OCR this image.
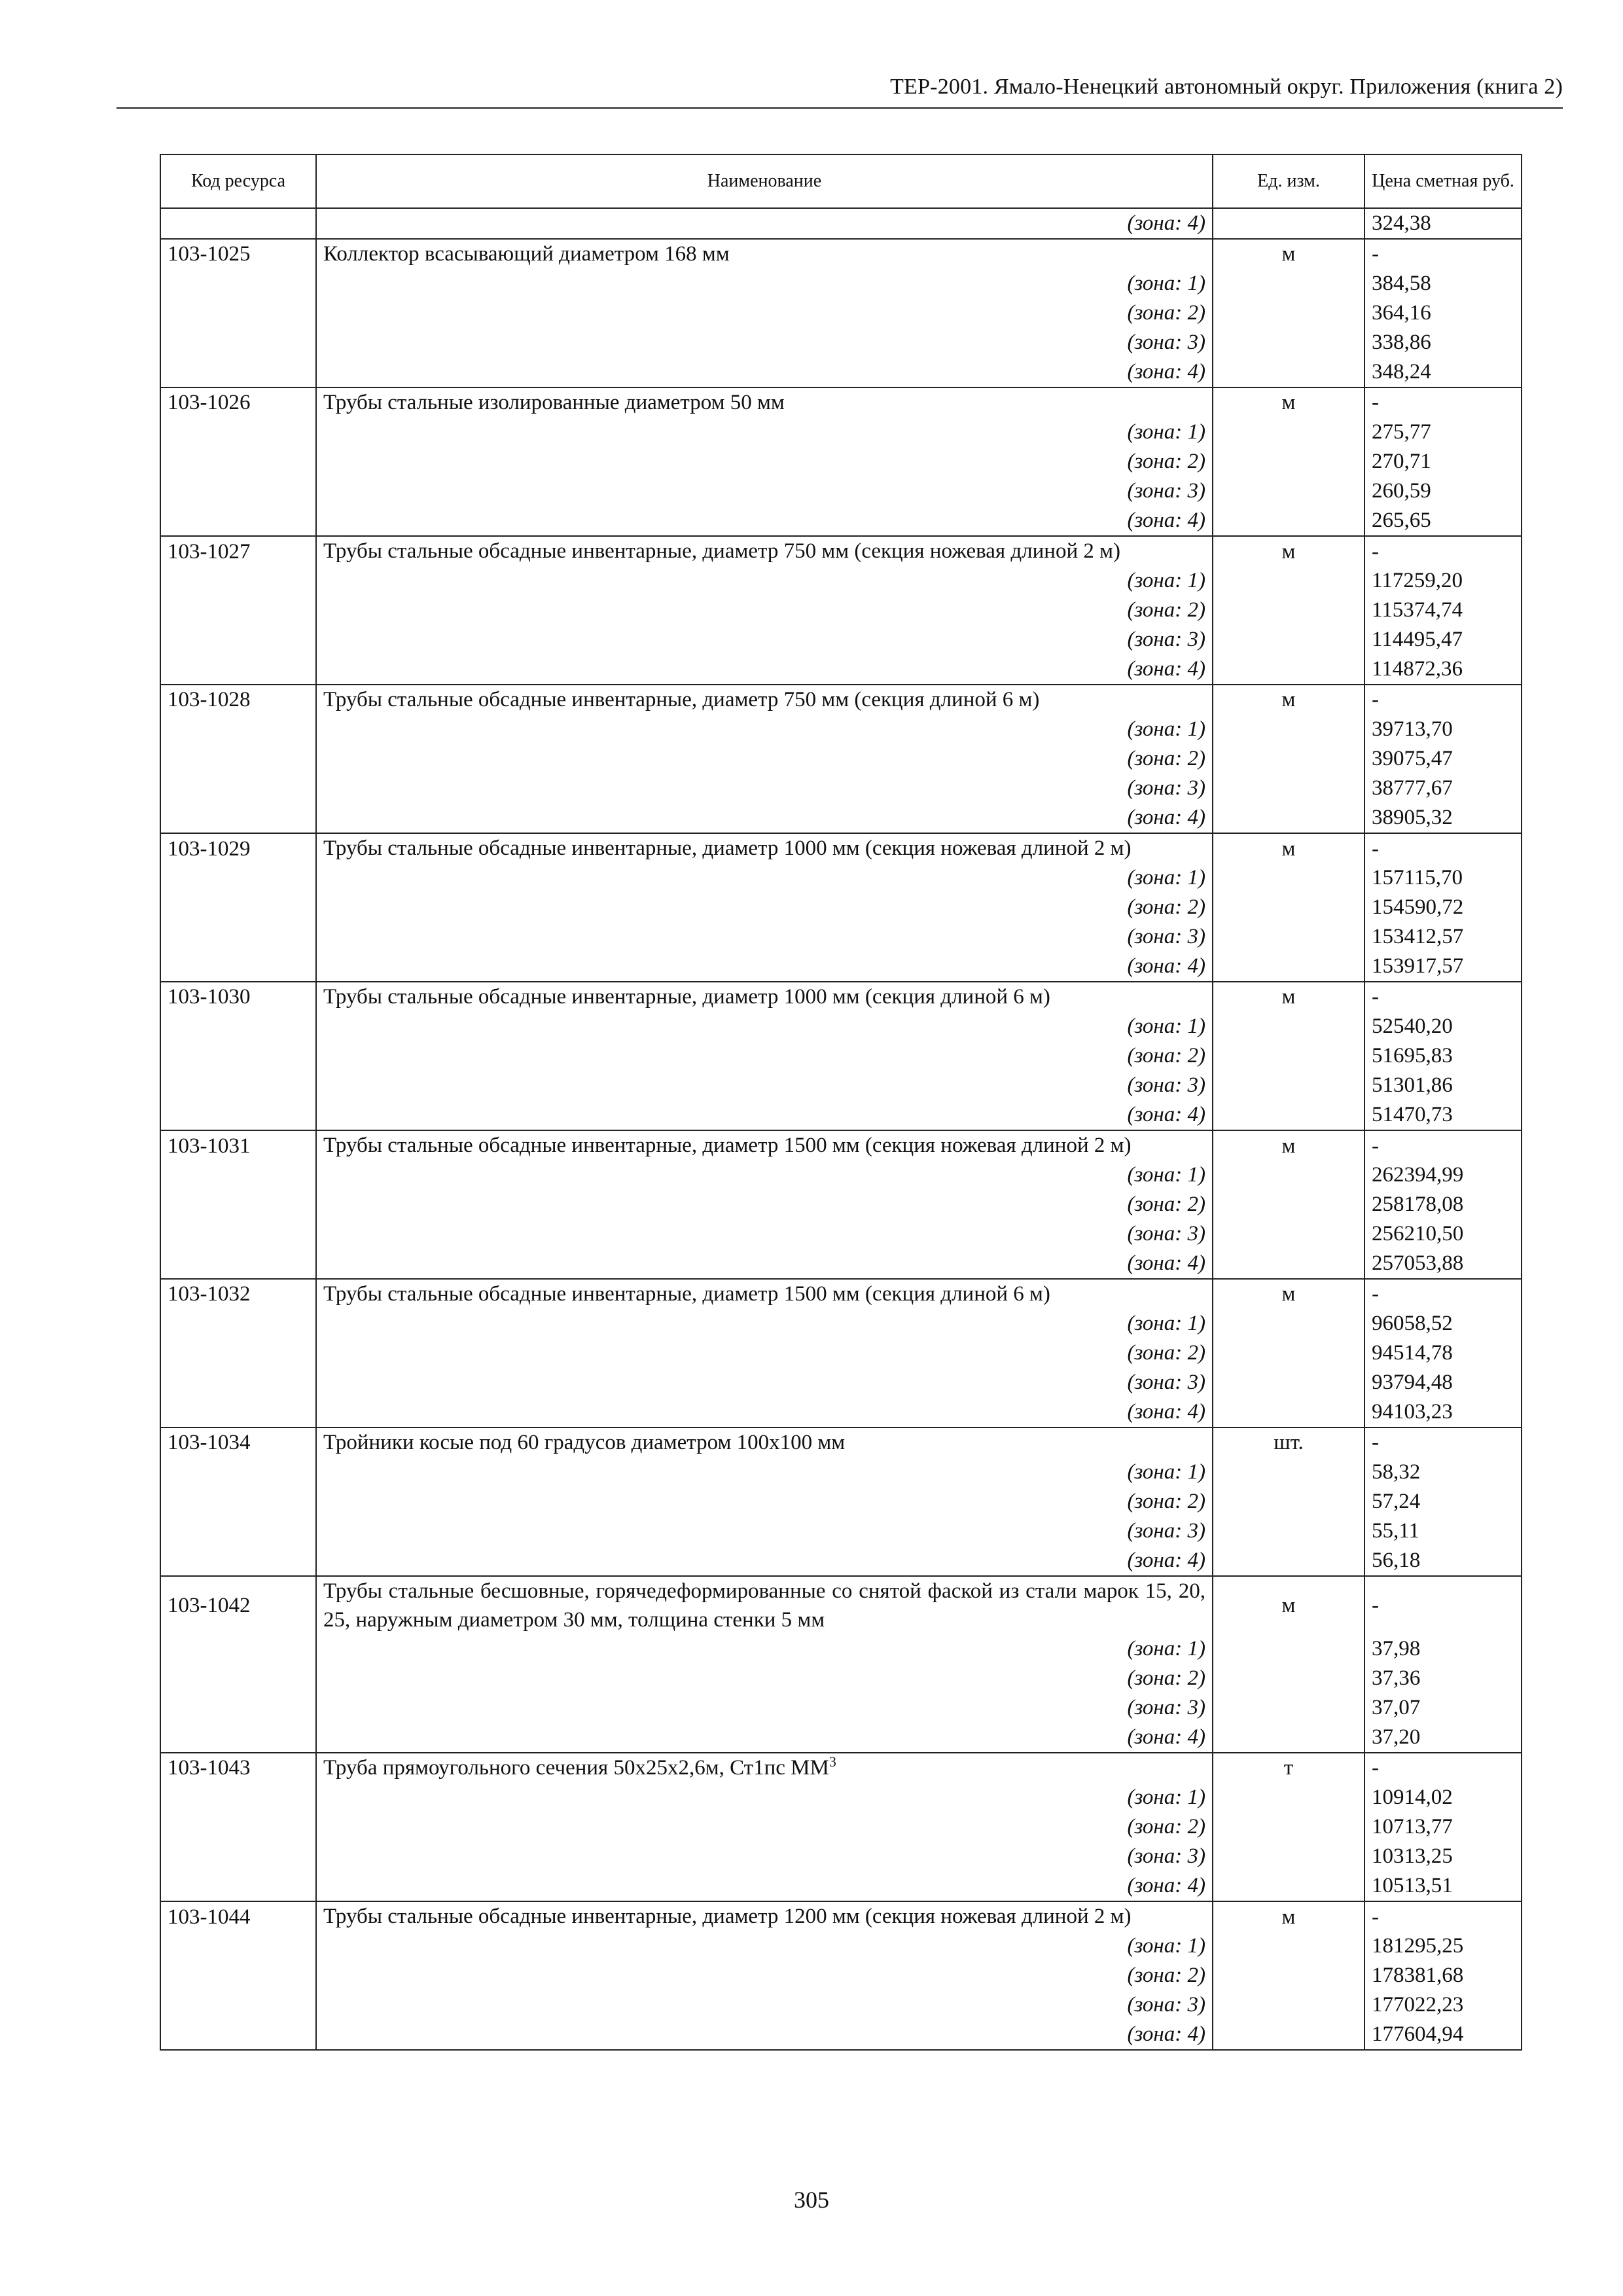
ТЕР-2001. Ямало-Ненецкий автономный округ. Приложения (книга 2)
Код ресурса	Наименование	Ед. изм.	Цена сметная руб.
	(зона: 4)		324,38
103-1025	Коллектор всасывающий диаметром 168 мм	м	-
	(зона: 1)		384,58
	(зона: 2)		364,16
	(зона: 3)		338,86
	(зона: 4)		348,24
103-1026	Трубы стальные изолированные диаметром 50 мм	м	-
	(зона: 1)		275,77
	(зона: 2)		270,71
	(зона: 3)		260,59
	(зона: 4)		265,65
103-1027	Трубы стальные обсадные инвентарные, диаметр 750 мм (секция ножевая длиной 2 м)	м	-
	(зона: 1)		117259,20
	(зона: 2)		115374,74
	(зона: 3)		114495,47
	(зона: 4)		114872,36
103-1028	Трубы стальные обсадные инвентарные, диаметр 750 мм (секция длиной 6 м)	м	-
	(зона: 1)		39713,70
	(зона: 2)		39075,47
	(зона: 3)		38777,67
	(зона: 4)		38905,32
103-1029	Трубы стальные обсадные инвентарные, диаметр 1000 мм (секция ножевая длиной 2 м)	м	-
	(зона: 1)		157115,70
	(зона: 2)		154590,72
	(зона: 3)		153412,57
	(зона: 4)		153917,57
103-1030	Трубы стальные обсадные инвентарные, диаметр 1000 мм (секция длиной 6 м)	м	-
	(зона: 1)		52540,20
	(зона: 2)		51695,83
	(зона: 3)		51301,86
	(зона: 4)		51470,73
103-1031	Трубы стальные обсадные инвентарные, диаметр 1500 мм (секция ножевая длиной 2 м)	м	-
	(зона: 1)		262394,99
	(зона: 2)		258178,08
	(зона: 3)		256210,50
	(зона: 4)		257053,88
103-1032	Трубы стальные обсадные инвентарные, диаметр 1500 мм (секция длиной 6 м)	м	-
	(зона: 1)		96058,52
	(зона: 2)		94514,78
	(зона: 3)		93794,48
	(зона: 4)		94103,23
103-1034	Тройники косые под 60 градусов диаметром 100х100 мм	шт.	-
	(зона: 1)		58,32
	(зона: 2)		57,24
	(зона: 3)		55,11
	(зона: 4)		56,18
103-1042	Трубы стальные бесшовные, горячедеформированные со снятой фаской из стали марок 15, 20, 25, наружным диаметром 30 мм, толщина стенки 5 мм	м	-
	(зона: 1)		37,98
	(зона: 2)		37,36
	(зона: 3)		37,07
	(зона: 4)		37,20
103-1043	Труба прямоугольного сечения 50х25х2,6м, Ст1пс $ММ^3$	т	-
	(зона: 1)		10914,02
	(зона: 2)		10713,77
	(зона: 3)		10313,25
	(зона: 4)		10513,51
103-1044	Трубы стальные обсадные инвентарные, диаметр 1200 мм (секция ножевая длиной 2 м)	м	-
	(зона: 1)		181295,25
	(зона: 2)		178381,68
	(зона: 3)		177022,23
	(зона: 4)		177604,94
305
